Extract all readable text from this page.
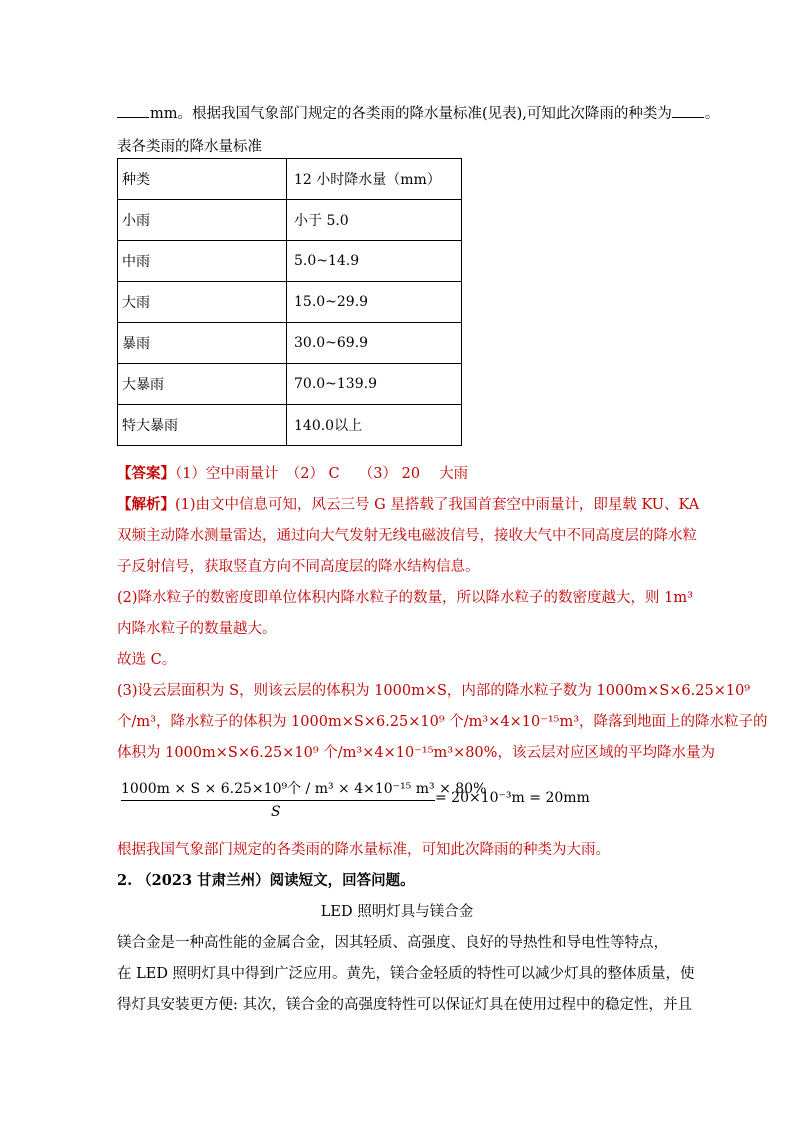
mm。根据我国气象部门规定的各类雨的降水量标准(见表),可知此次降雨的种类为 。
表各类雨的降水量标准
种类	12 小时降水量（mm）
小雨	小于 5.0
中雨	5.0~14.9
大雨	15.0~29.9
暴雨	30.0~69.9
大暴雨	70.0~139.9
特大暴雨	140.0以上
【答案】（1）空中雨量计　（2） C　 （3） 20　 大雨
【解析】(1)由文中信息可知，风云三号 G 星搭载了我国首套空中雨量计，即星载 KU、KA
双频主动降水测量雷达，通过向大气发射无线电磁波信号，接收大气中不同高度层的降水粒
子反射信号，获取竖直方向不同高度层的降水结构信息。
(2)降水粒子的数密度即单位体积内降水粒子的数量，所以降水粒子的数密度越大，则 1m³
内降水粒子的数量越大。
故选 C。
(3)设云层面积为 S，则该云层的体积为 1000m×S，内部的降水粒子数为 1000m×S×6.25×10⁹
个/m³，降水粒子的体积为 1000m×S×6.25×10⁹ 个/m³×4×10⁻¹⁵m³，降落到地面上的降水粒子的
体积为 1000m×S×6.25×10⁹ 个/m³×4×10⁻¹⁵m³×80%，该云层对应区域的平均降水量为
1000m × S × 6.25×10⁹个 / m³ × 4×10⁻¹⁵ m³ × 80%
S
= 20×10⁻³m = 20mm
根据我国气象部门规定的各类雨的降水量标准，可知此次降雨的种类为大雨。
2. （2023 甘肃兰州）阅读短文，回答问题。
LED 照明灯具与镁合金
镁合金是一种高性能的金属合金，因其轻质、高强度、良好的导热性和导电性等特点，
在 LED 照明灯具中得到广泛应用。黄先，镁合金轻质的特性可以减少灯具的整体质量，使
得灯具安装更方便: 其次，镁合金的高强度特性可以保证灯具在使用过程中的稳定性，并且
